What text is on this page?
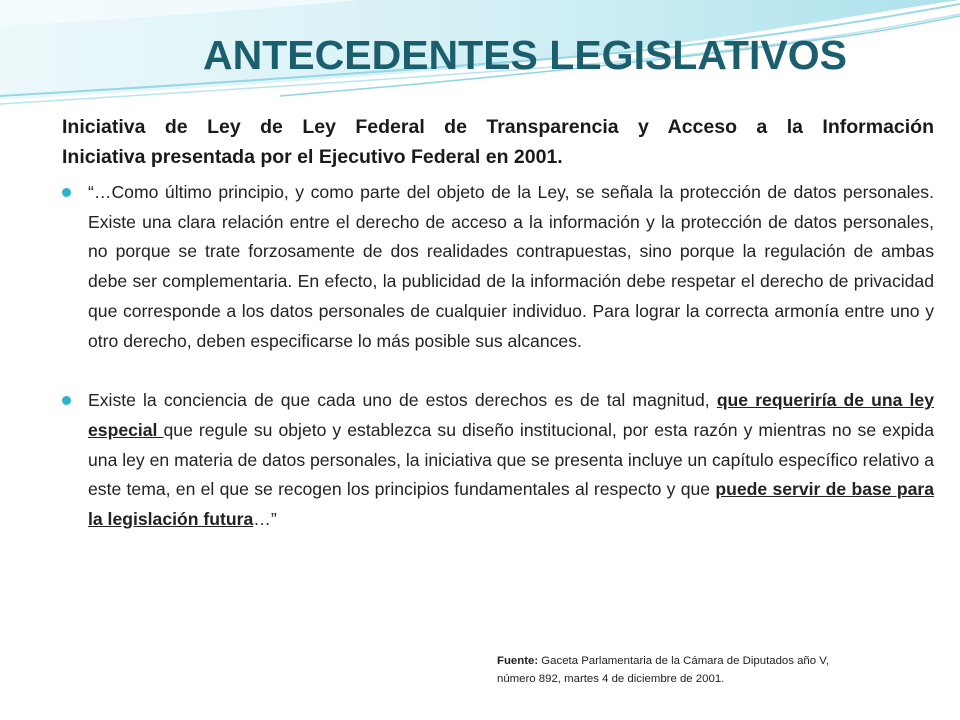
ANTECEDENTES LEGISLATIVOS
Iniciativa de Ley de Ley Federal de Transparencia y Acceso a la Información
Iniciativa presentada por el Ejecutivo Federal en 2001.
“…Como último principio, y como parte del objeto de la Ley, se señala la protección de datos personales. Existe una clara relación entre el derecho de acceso a la información y la protección de datos personales, no porque se trate forzosamente de dos realidades contrapuestas, sino porque la regulación de ambas debe ser complementaria. En efecto, la publicidad de la información debe respetar el derecho de privacidad que corresponde a los datos personales de cualquier individuo. Para lograr la correcta armonía entre uno y otro derecho, deben especificarse lo más posible sus alcances.
Existe la conciencia de que cada uno de estos derechos es de tal magnitud, que requeriría de una ley especial que regule su objeto y establezca su diseño institucional, por esta razón y mientras no se expida una ley en materia de datos personales, la iniciativa que se presenta incluye un capítulo específico relativo a este tema, en el que se recogen los principios fundamentales al respecto y que puede servir de base para la legislación futura…”
Fuente: Gaceta Parlamentaria de la Cámara de Diputados año V,
número 892, martes 4 de diciembre de 2001.
